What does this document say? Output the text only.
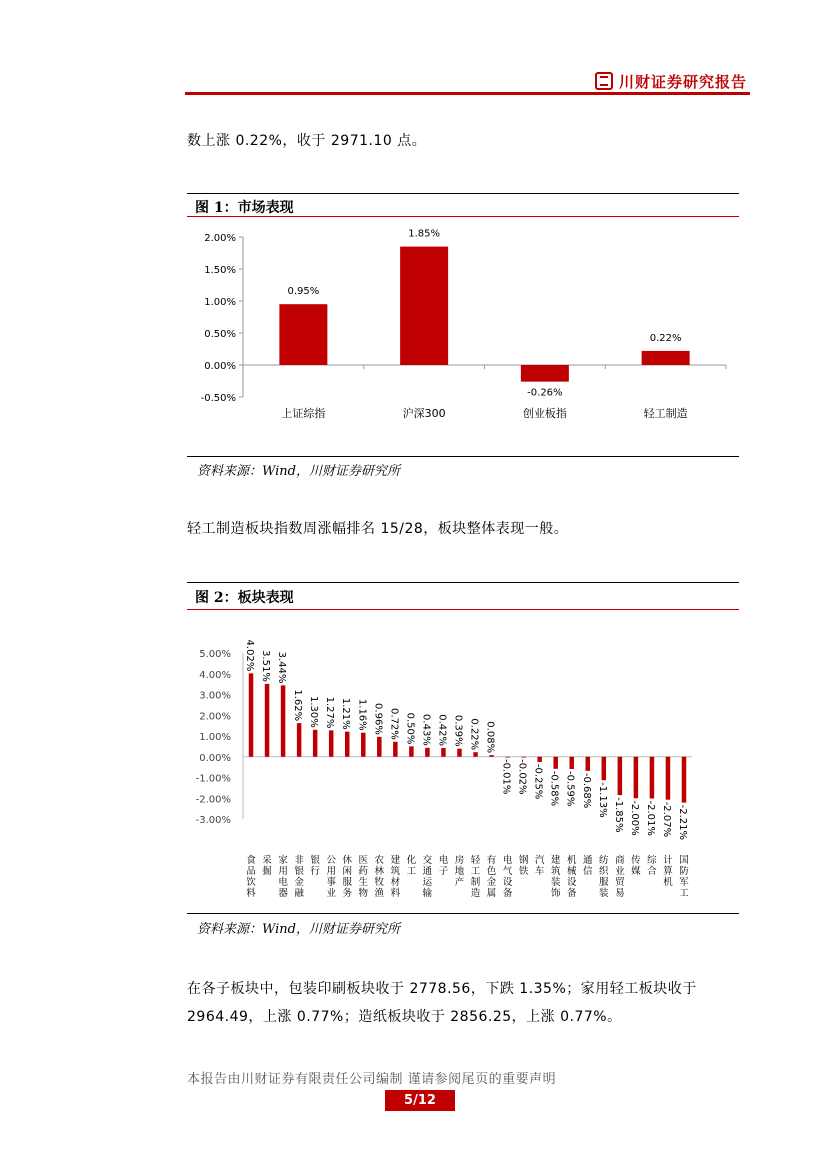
川财证券研究报告
数上涨 0.22%，收于 2971.10 点。
图 1：市场表现
2.00%
1.50%
1.00%
0.50%
0.00%
-0.50%
0.95%
上证综指
1.85%
沪深300
-0.26%
创业板指
0.22%
轻工制造
资料来源：Wind，川财证券研究所
轻工制造板块指数周涨幅排名 15/28，板块整体表现一般。
图 2：板块表现
5.00%
4.00%
3.00%
2.00%
1.00%
0.00%
-1.00%
-2.00%
-3.00%
4.02%
食品饮料
3.51%
采掘
3.44%
家用电器
1.62%
非银金融
1.30%
银行
1.27%
公用事业
1.21%
休闲服务
1.16%
医药生物
0.96%
农林牧渔
0.72%
建筑材料
0.50%
化工
0.43%
交通运输
0.42%
电子
0.39%
房地产
0.22%
轻工制造
0.08%
有色金属
-0.01%
电气设备
-0.02%
钢铁
-0.25%
汽车
-0.58%
建筑装饰
-0.59%
机械设备
-0.68%
通信
-1.13%
纺织服装
-1.85%
商业贸易
-2.00%
传媒
-2.01%
综合
-2.07%
计算机
-2.21%
国防军工
资料来源：Wind，川财证券研究所
在各子板块中，包装印刷板块收于 2778.56，下跌 1.35%；家用轻工板块收于 2964.49，上涨 0.77%；造纸板块收于 2856.25，上涨 0.77%。
本报告由川财证券有限责任公司编制 谨请参阅尾页的重要声明
5/12
